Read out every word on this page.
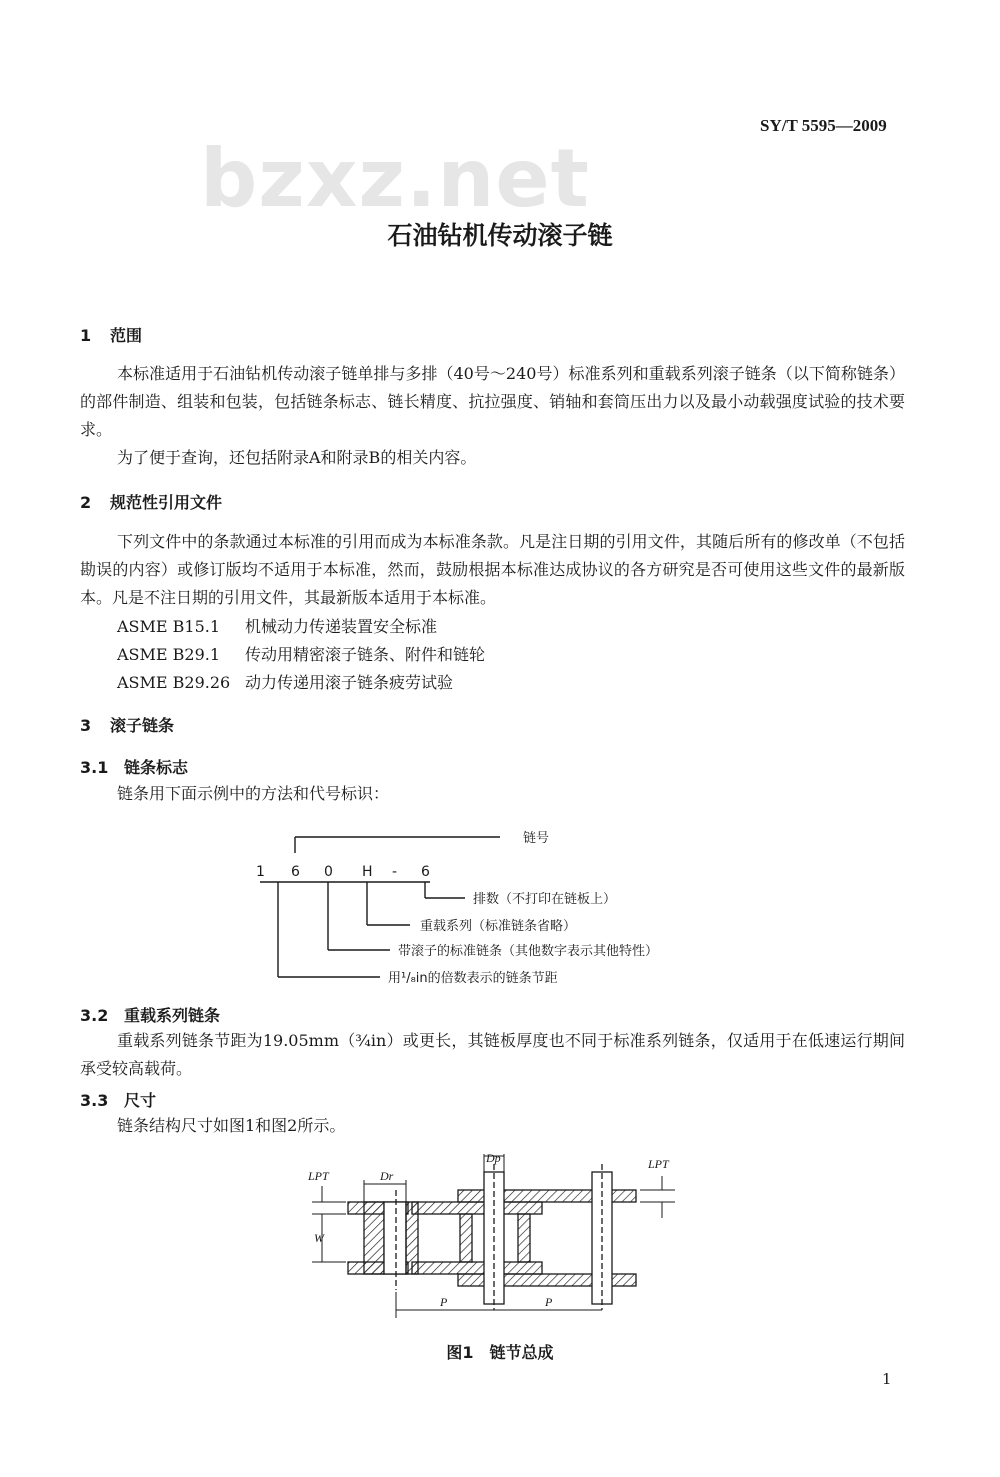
SY/T 5595—2009
bzxz.net
石油钻机传动滚子链
1 范围
本标准适用于石油钻机传动滚子链单排与多排（40号～240号）标准系列和重载系列滚子链条（以下简称链条）的部件制造、组装和包装，包括链条标志、链长精度、抗拉强度、销轴和套筒压出力以及最小动载强度试验的技术要求。
为了便于查询，还包括附录A和附录B的相关内容。
2 规范性引用文件
下列文件中的条款通过本标准的引用而成为本标准条款。凡是注日期的引用文件，其随后所有的修改单（不包括勘误的内容）或修订版均不适用于本标准，然而，鼓励根据本标准达成协议的各方研究是否可使用这些文件的最新版本。凡是不注日期的引用文件，其最新版本适用于本标准。
ASME B15.1 机械动力传递装置安全标准
ASME B29.1 传动用精密滚子链条、附件和链轮
ASME B29.26 动力传递用滚子链条疲劳试验
3 滚子链条
3.1 链条标志
链条用下面示例中的方法和代号标识：
1 6 0 H - 6
链号
排数（不打印在链板上）
重载系列（标准链条省略）
带滚子的标准链条（其他数字表示其他特性）
用¹/₈in的倍数表示的链条节距
3.2 重载系列链条
重载系列链条节距为19.05mm（¾in）或更长，其链板厚度也不同于标准系列链条，仅适用于在低速运行期间承受较高载荷。
3.3 尺寸
链条结构尺寸如图1和图2所示。
LPT
W
Dr
Dp	LPT
P	P
图1　链节总成
1
